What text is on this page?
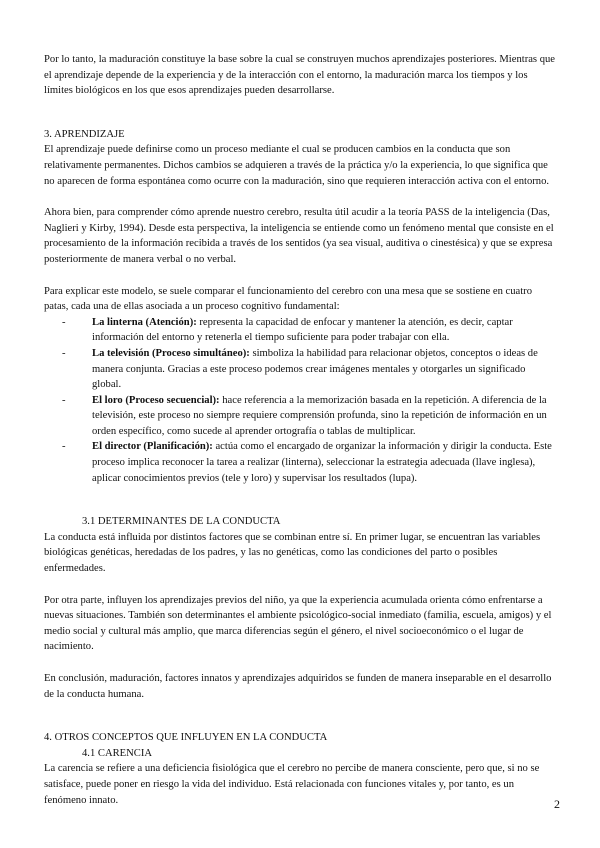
Por lo tanto, la maduración constituye la base sobre la cual se construyen muchos aprendizajes posteriores. Mientras que el aprendizaje depende de la experiencia y de la interacción con el entorno, la maduración marca los tiempos y los límites biológicos en los que esos aprendizajes pueden desarrollarse.

3. APRENDIZAJE

El aprendizaje puede definirse como un proceso mediante el cual se producen cambios en la conducta que son relativamente permanentes. Dichos cambios se adquieren a través de la práctica y/o la experiencia, lo que significa que no aparecen de forma espontánea como ocurre con la maduración, sino que requieren interacción activa con el entorno.

Ahora bien, para comprender cómo aprende nuestro cerebro, resulta útil acudir a la teoría PASS de la inteligencia (Das, Naglieri y Kirby, 1994). Desde esta perspectiva, la inteligencia se entiende como un fenómeno mental que consiste en el procesamiento de la información recibida a través de los sentidos (ya sea visual, auditiva o cinestésica) y que se expresa posteriormente de manera verbal o no verbal.

Para explicar este modelo, se suele comparar el funcionamiento del cerebro con una mesa que se sostiene en cuatro patas, cada una de ellas asociada a un proceso cognitivo fundamental:

- La linterna (Atención): representa la capacidad de enfocar y mantener la atención, es decir, captar información del entorno y retenerla el tiempo suficiente para poder trabajar con ella.
- La televisión (Proceso simultáneo): simboliza la habilidad para relacionar objetos, conceptos o ideas de manera conjunta. Gracias a este proceso podemos crear imágenes mentales y otorgarles un significado global.
- El loro (Proceso secuencial): hace referencia a la memorización basada en la repetición. A diferencia de la televisión, este proceso no siempre requiere comprensión profunda, sino la repetición de información en un orden específico, como sucede al aprender ortografía o tablas de multiplicar.
- El director (Planificación): actúa como el encargado de organizar la información y dirigir la conducta. Este proceso implica reconocer la tarea a realizar (linterna), seleccionar la estrategia adecuada (llave inglesa), aplicar conocimientos previos (tele y loro) y supervisar los resultados (lupa).
3.1 DETERMINANTES DE LA CONDUCTA

La conducta está influida por distintos factores que se combinan entre sí. En primer lugar, se encuentran las variables biológicas genéticas, heredadas de los padres, y las no genéticas, como las condiciones del parto o posibles enfermedades.

Por otra parte, influyen los aprendizajes previos del niño, ya que la experiencia acumulada orienta cómo enfrentarse a nuevas situaciones. También son determinantes el ambiente psicológico-social inmediato (familia, escuela, amigos) y el medio social y cultural más amplio, que marca diferencias según el género, el nivel socioeconómico o el lugar de nacimiento.

En conclusión, maduración, factores innatos y aprendizajes adquiridos se funden de manera inseparable en el desarrollo de la conducta humana.

4. OTROS CONCEPTOS QUE INFLUYEN EN LA CONDUCTA
4.1 CARENCIA

La carencia se refiere a una deficiencia fisiológica que el cerebro no percibe de manera consciente, pero que, si no se satisface, puede poner en riesgo la vida del individuo. Está relacionada con funciones vitales y, por tanto, es un fenómeno innato.	2
